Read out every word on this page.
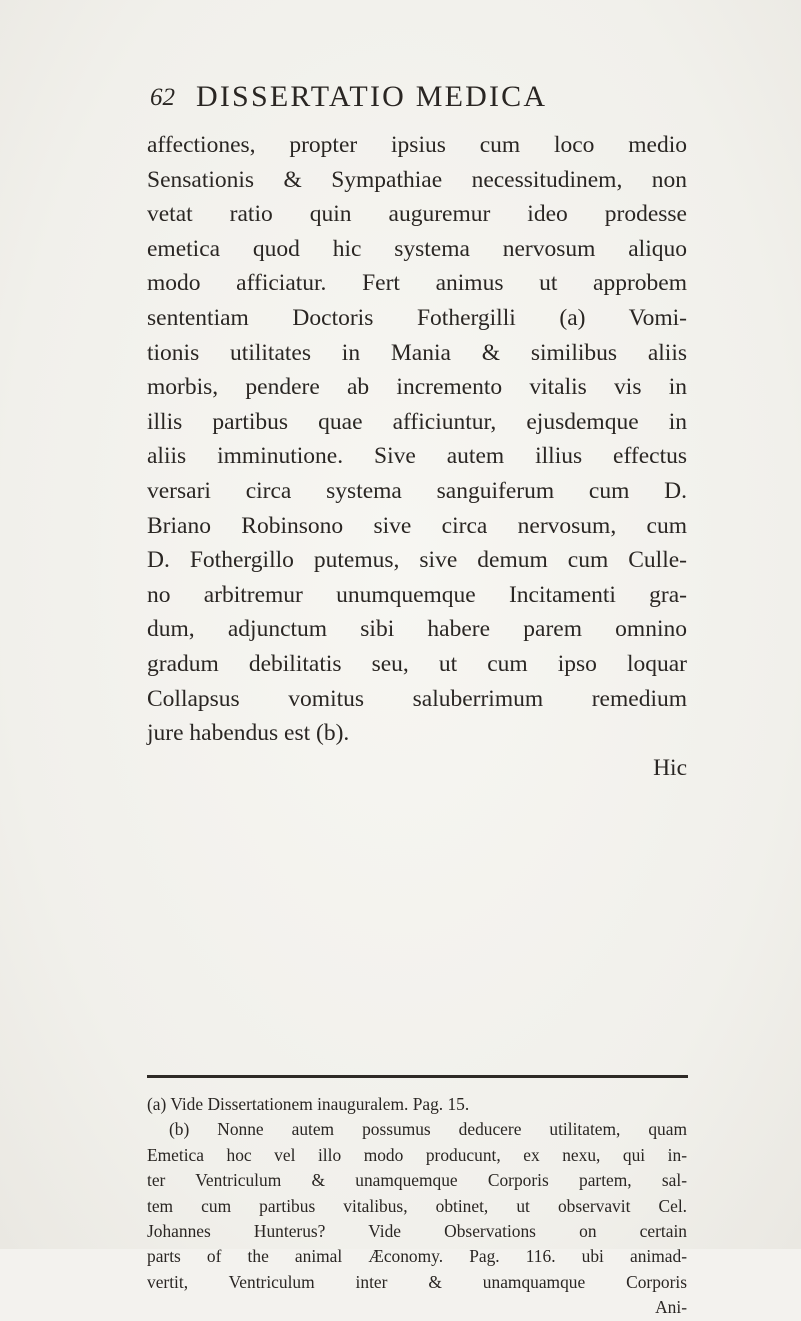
62 DISSERTATIO MEDICA
affectiones, propter ipsius cum loco medio
Sensationis & Sympathiae necessitudinem, non
vetat ratio quin auguremur ideo prodesse
emetica quod hic systema nervosum aliquo
modo afficiatur. Fert animus ut approbem
sententiam Doctoris Fothergilli (a) Vomi-
tionis utilitates in Mania & similibus aliis
morbis, pendere ab incremento vitalis vis in
illis partibus quae afficiuntur, ejusdemque in
aliis imminutione. Sive autem illius effectus
versari circa systema sanguiferum cum D.
Briano Robinsono sive circa nervosum, cum
D. Fothergillo putemus, sive demum cum Culle-
no arbitremur unumquemque Incitamenti gra-
dum, adjunctum sibi habere parem omnino
gradum debilitatis seu, ut cum ipso loquar
Collapsus vomitus saluberrimum remedium
jure habendus est (b).
Hic
(a) Vide Dissertationem inauguralem. Pag. 15.
(b) Nonne autem possumus deducere utilitatem, quam
Emetica hoc vel illo modo producunt, ex nexu, qui in-
ter Ventriculum & unamquemque Corporis partem, sal-
tem cum partibus vitalibus, obtinet, ut observavit Cel.
Johannes Hunterus? Vide Observations on certain
parts of the animal Æconomy. Pag. 116. ubi animad-
vertit, Ventriculum inter & unamquamque Corporis
Ani-
